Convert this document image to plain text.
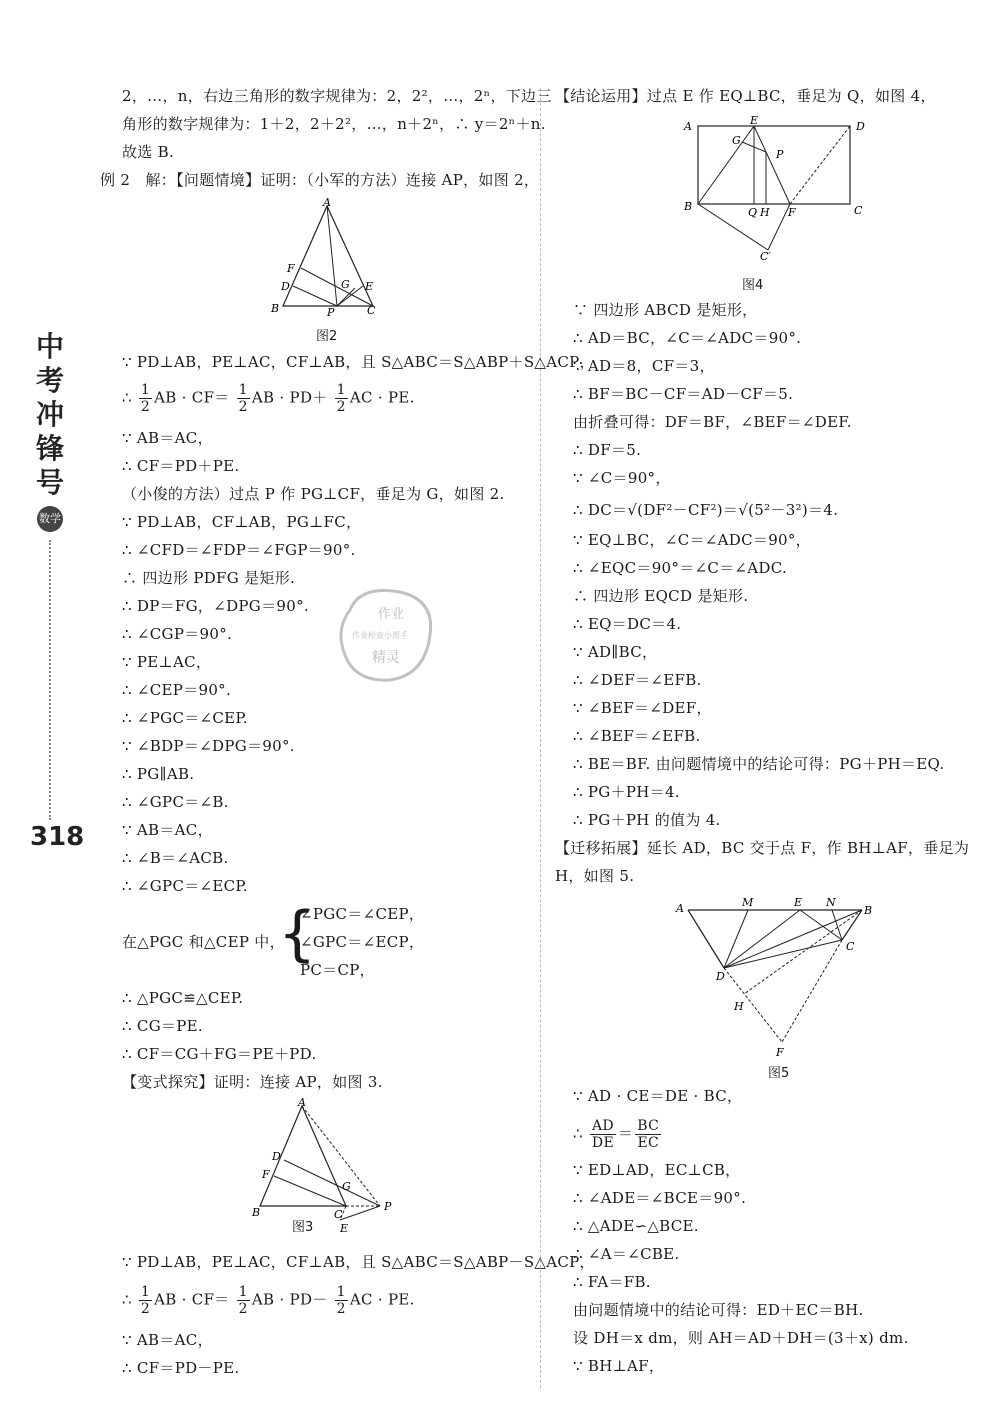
中
考
冲
锋
号
数学
318
作业
作业检查小帮手
精灵
2，…，n，右边三角形的数字规律为：2，2²，…，2ⁿ，下边三
角形的数字规律为：1＋2，2＋2²，…，n＋2ⁿ，∴ y＝2ⁿ＋n.
故选 B.
例 2　解：【问题情境】证明：（小军的方法）连接 AP，如图 2，
A
B	C
D	E
F
G
P
图2
∵ PD⊥AB，PE⊥AC，CF⊥AB，且 S△ABC＝S△ABP＋S△ACP，
∴ $\frac{1}{2}$ AB · $CF= \frac{1}{2}$ AB · $PD+ \frac{1}{2}$ AC · PE.
∵ AB＝AC，
∴ CF＝PD＋PE.
（小俊的方法）过点 P 作 PG⊥CF，垂足为 G，如图 2.
∵ PD⊥AB，CF⊥AB，PG⊥FC，
∴ ∠CFD＝∠FDP＝∠FGP＝90°.
∴ 四边形 PDFG 是矩形.
∴ DP＝FG，∠DPG＝90°.
∴ ∠CGP＝90°.
∵ PE⊥AC，
∴ ∠CEP＝90°.
∴ ∠PGC＝∠CEP.
∵ ∠BDP＝∠DPG＝90°.
∴ PG∥AB.
∴ ∠GPC＝∠B.
∵ AB＝AC，
∴ ∠B＝∠ACB.
∴ ∠GPC＝∠ECP.
在△PGC 和△CEP 中，
{
∠PGC＝∠CEP，
∠GPC＝∠ECP，
PC＝CP，
∴ △PGC≌△CEP.
∴ CG＝PE.
∴ CF＝CG＋FG＝PE＋PD.
【变式探究】证明：连接 AP，如图 3.
A
B	C
D
E
F
G
P
图3
∵ PD⊥AB，PE⊥AC，CF⊥AB，且 S△ABC＝S△ABP－S△ACP，
∴ $\frac{1}{2}$ AB · $CF= \frac{1}{2}$ AB · $PD- \frac{1}{2}$ AC · PE.
∵ AB＝AC，
∴ CF＝PD－PE.
【结论运用】过点 E 作 EQ⊥BC，垂足为 Q，如图 4，
A	E	D
B	C
G
P
Q H F
C′
图4
∵ 四边形 ABCD 是矩形，
∴ AD＝BC，∠C＝∠ADC＝90°.
∵ AD＝8，CF＝3，
∴ BF＝BC－CF＝AD－CF＝5.
由折叠可得：DF＝BF，∠BEF＝∠DEF.
∴ DF＝5.
∵ ∠C＝90°，
∴ DC＝√(DF²－CF²)＝√(5²－3²)＝4.
∵ EQ⊥BC，∠C＝∠ADC＝90°，
∴ ∠EQC＝90°＝∠C＝∠ADC.
∴ 四边形 EQCD 是矩形.
∴ EQ＝DC＝4.
∵ AD∥BC，
∴ ∠DEF＝∠EFB.
∵ ∠BEF＝∠DEF，
∴ ∠BEF＝∠EFB.
∴ BE＝BF. 由问题情境中的结论可得：PG＋PH＝EQ.
∴ PG＋PH＝4.
∴ PG＋PH 的值为 4.
【迁移拓展】延长 AD，BC 交于点 F，作 BH⊥AF，垂足为
H，如图 5.
A	M	E N
B
C
D
H
F
图5
∵ AD · CE＝DE · BC，
∴ $\frac{AD}{DE} = \frac{BC}{EC}$
∵ ED⊥AD，EC⊥CB，
∴ ∠ADE＝∠BCE＝90°.
∴ △ADE∽△BCE.
∴ ∠A＝∠CBE.
∴ FA＝FB.
由问题情境中的结论可得：ED＋EC＝BH.
设 DH＝x dm，则 AH＝AD＋DH＝(3＋x) dm.
∵ BH⊥AF，
